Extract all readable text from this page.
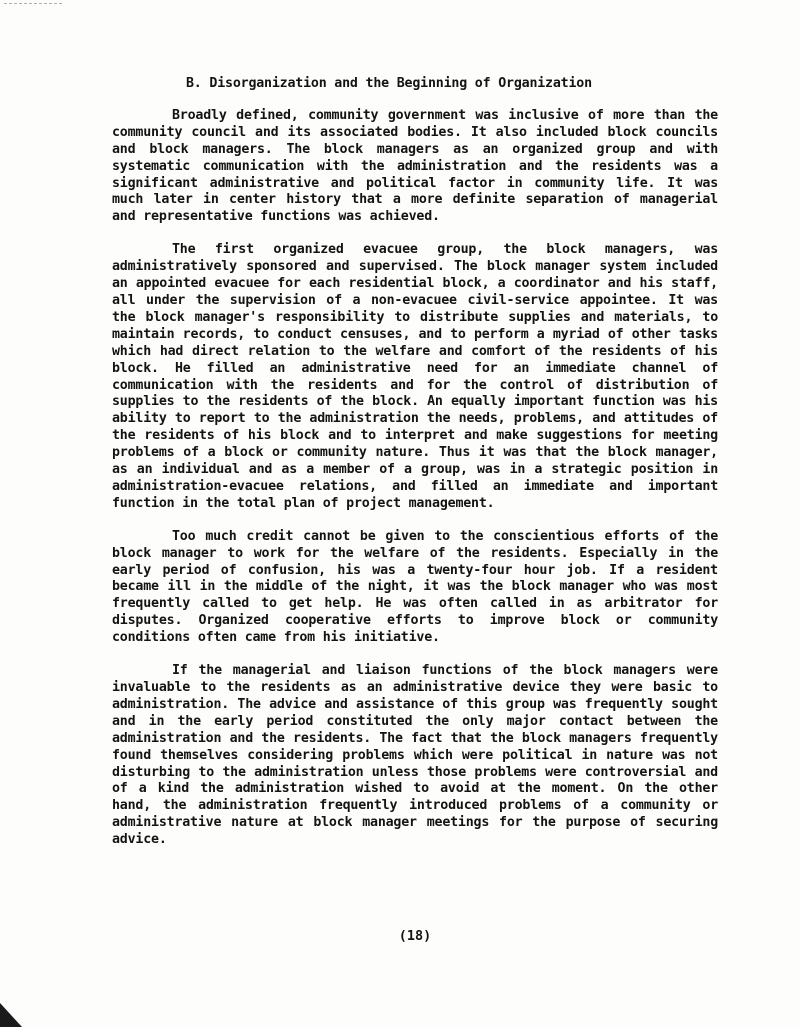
B. Disorganization and the Beginning of Organization

Broadly defined, community government was inclusive of more than the community council and its associated bodies. It also included block councils and block managers. The block managers as an organized group and with systematic communication with the administration and the residents was a significant administrative and political factor in community life. It was much later in center history that a more definite separation of managerial and representative functions was achieved.

The first organized evacuee group, the block managers, was administratively sponsored and supervised. The block manager system included an appointed evacuee for each residential block, a coordinator and his staff, all under the supervision of a non-evacuee civil-service appointee. It was the block manager's responsibility to distribute supplies and materials, to maintain records, to conduct censuses, and to perform a myriad of other tasks which had direct relation to the welfare and comfort of the residents of his block. He filled an administrative need for an immediate channel of communication with the residents and for the control of distribution of supplies to the residents of the block. An equally important function was his ability to report to the administration the needs, problems, and attitudes of the residents of his block and to interpret and make suggestions for meeting problems of a block or community nature. Thus it was that the block manager, as an individual and as a member of a group, was in a strategic position in administration-evacuee relations, and filled an immediate and important function in the total plan of project management.

Too much credit cannot be given to the conscientious efforts of the block manager to work for the welfare of the residents. Especially in the early period of confusion, his was a twenty-four hour job. If a resident became ill in the middle of the night, it was the block manager who was most frequently called to get help. He was often called in as arbitrator for disputes. Organized cooperative efforts to improve block or community conditions often came from his initiative.

If the managerial and liaison functions of the block managers were invaluable to the residents as an administrative device they were basic to administration. The advice and assistance of this group was frequently sought and in the early period constituted the only major contact between the administration and the residents. The fact that the block managers frequently found themselves considering problems which were political in nature was not disturbing to the administration unless those problems were controversial and of a kind the administration wished to avoid at the moment. On the other hand, the administration frequently introduced problems of a community or administrative nature at block manager meetings for the purpose of securing advice.

(18)
